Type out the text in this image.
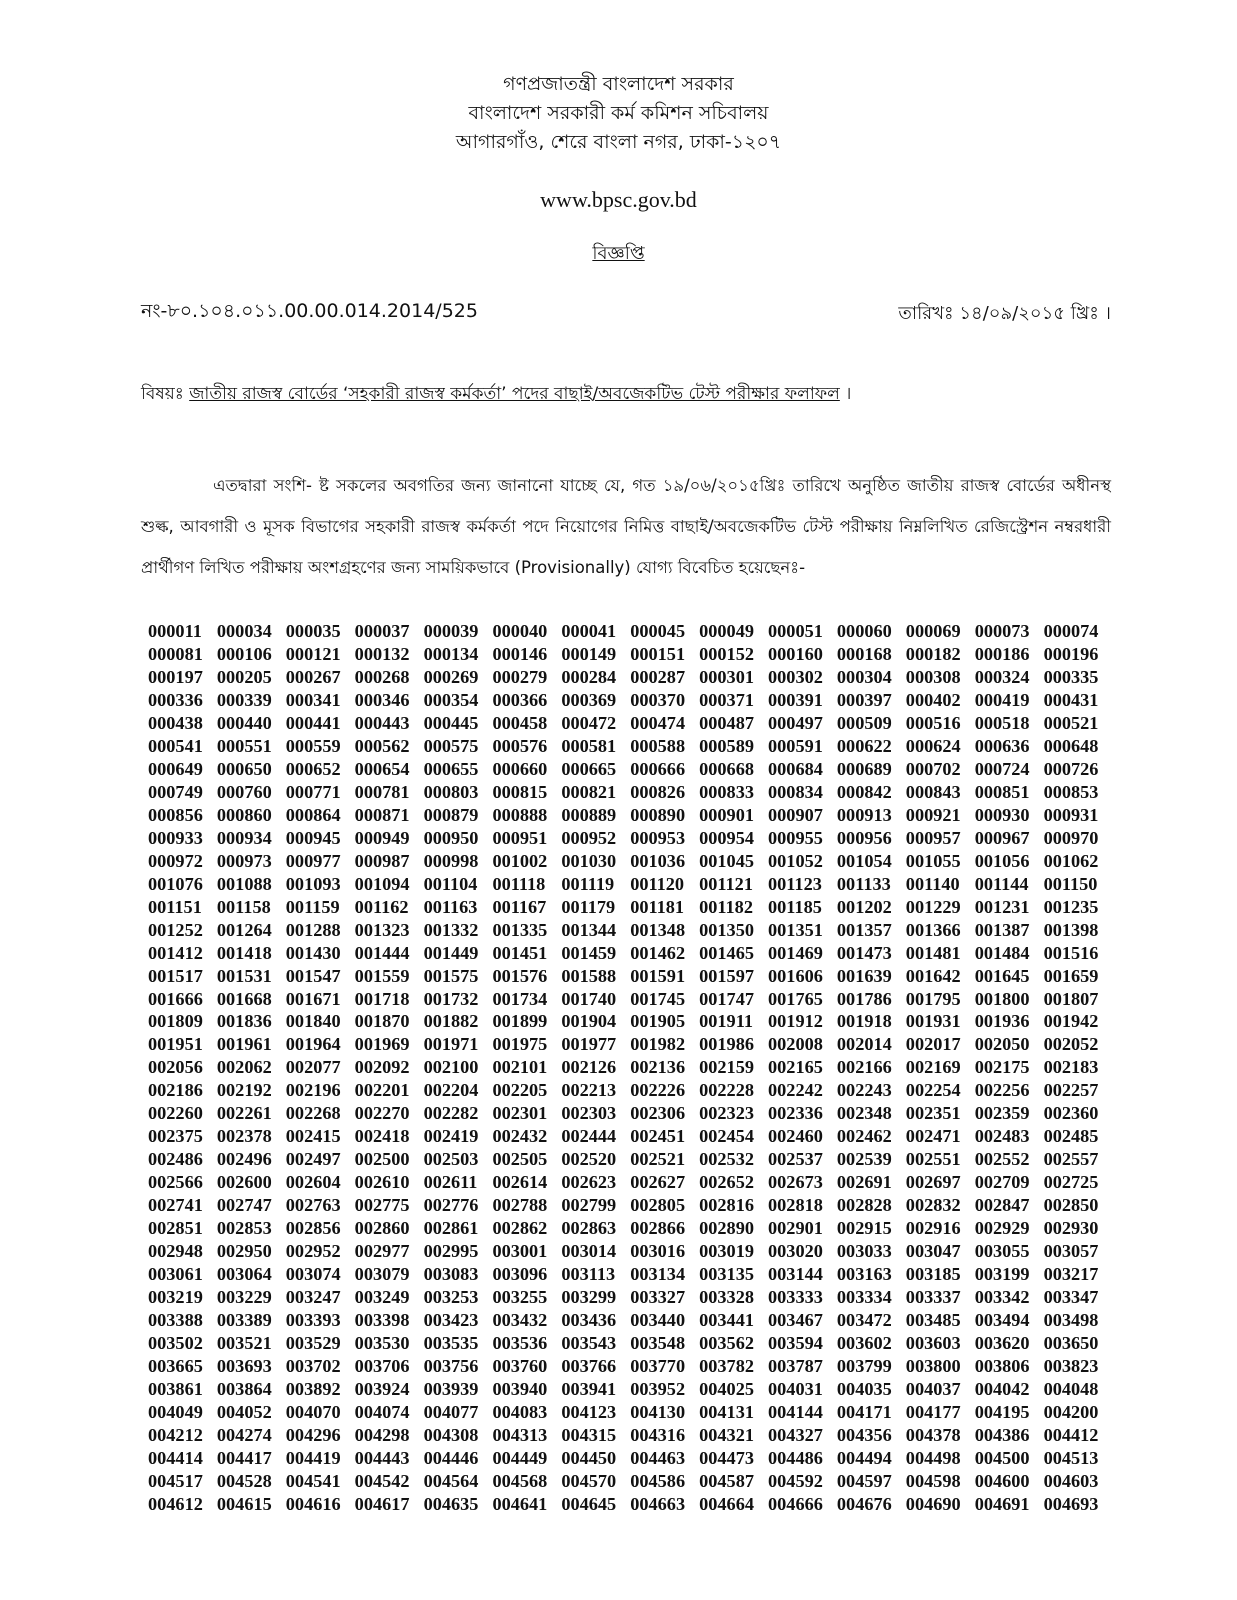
গণপ্রজাতন্ত্রী বাংলাদেশ সরকার
বাংলাদেশ সরকারী কর্ম কমিশন সচিবালয়
আগারগাঁও, শেরে বাংলা নগর, ঢাকা-১২০৭
www.bpsc.gov.bd
বিজ্ঞপ্তি
নং-৮০.১০৪.০১১.00.00.014.2014/525	তারিখঃ ১৪/০৯/২০১৫ খ্রিঃ ।
বিষয়ঃ জাতীয় রাজস্ব বোর্ডের ‘সহকারী রাজস্ব কর্মকর্তা’ পদের বাছাই/অবজেকটিভ টেস্ট পরীক্ষার ফলাফল ।
এতদ্বারা সংশি- ষ্ট সকলের অবগতির জন্য জানানো যাচ্ছে যে, গত ১৯/০৬/২০১৫খ্রিঃ তারিখে অনুষ্ঠিত জাতীয় রাজস্ব বোর্ডের অধীনস্থ শুল্ক, আবগারী ও মূসক বিভাগের সহকারী রাজস্ব কর্মকর্তা পদে নিয়োগের নিমিত্ত বাছাই/অবজেকটিভ টেস্ট পরীক্ষায় নিম্নলিখিত রেজিস্ট্রেশন নম্বরধারী প্রার্থীগণ লিখিত পরীক্ষায় অংশগ্রহণের জন্য সাময়িকভাবে (Provisionally) যোগ্য বিবেচিত হয়েছেনঃ-
000011 000034 000035 000037 000039 000040 000041 000045 000049 000051 000060 000069 000073 000074
000081 000106 000121 000132 000134 000146 000149 000151 000152 000160 000168 000182 000186 000196
000197 000205 000267 000268 000269 000279 000284 000287 000301 000302 000304 000308 000324 000335
000336 000339 000341 000346 000354 000366 000369 000370 000371 000391 000397 000402 000419 000431
000438 000440 000441 000443 000445 000458 000472 000474 000487 000497 000509 000516 000518 000521
000541 000551 000559 000562 000575 000576 000581 000588 000589 000591 000622 000624 000636 000648
000649 000650 000652 000654 000655 000660 000665 000666 000668 000684 000689 000702 000724 000726
000749 000760 000771 000781 000803 000815 000821 000826 000833 000834 000842 000843 000851 000853
000856 000860 000864 000871 000879 000888 000889 000890 000901 000907 000913 000921 000930 000931
000933 000934 000945 000949 000950 000951 000952 000953 000954 000955 000956 000957 000967 000970
000972 000973 000977 000987 000998 001002 001030 001036 001045 001052 001054 001055 001056 001062
001076 001088 001093 001094 001104 001118 001119 001120 001121 001123 001133 001140 001144 001150
001151 001158 001159 001162 001163 001167 001179 001181 001182 001185 001202 001229 001231 001235
001252 001264 001288 001323 001332 001335 001344 001348 001350 001351 001357 001366 001387 001398
001412 001418 001430 001444 001449 001451 001459 001462 001465 001469 001473 001481 001484 001516
001517 001531 001547 001559 001575 001576 001588 001591 001597 001606 001639 001642 001645 001659
001666 001668 001671 001718 001732 001734 001740 001745 001747 001765 001786 001795 001800 001807
001809 001836 001840 001870 001882 001899 001904 001905 001911 001912 001918 001931 001936 001942
001951 001961 001964 001969 001971 001975 001977 001982 001986 002008 002014 002017 002050 002052
002056 002062 002077 002092 002100 002101 002126 002136 002159 002165 002166 002169 002175 002183
002186 002192 002196 002201 002204 002205 002213 002226 002228 002242 002243 002254 002256 002257
002260 002261 002268 002270 002282 002301 002303 002306 002323 002336 002348 002351 002359 002360
002375 002378 002415 002418 002419 002432 002444 002451 002454 002460 002462 002471 002483 002485
002486 002496 002497 002500 002503 002505 002520 002521 002532 002537 002539 002551 002552 002557
002566 002600 002604 002610 002611 002614 002623 002627 002652 002673 002691 002697 002709 002725
002741 002747 002763 002775 002776 002788 002799 002805 002816 002818 002828 002832 002847 002850
002851 002853 002856 002860 002861 002862 002863 002866 002890 002901 002915 002916 002929 002930
002948 002950 002952 002977 002995 003001 003014 003016 003019 003020 003033 003047 003055 003057
003061 003064 003074 003079 003083 003096 003113 003134 003135 003144 003163 003185 003199 003217
003219 003229 003247 003249 003253 003255 003299 003327 003328 003333 003334 003337 003342 003347
003388 003389 003393 003398 003423 003432 003436 003440 003441 003467 003472 003485 003494 003498
003502 003521 003529 003530 003535 003536 003543 003548 003562 003594 003602 003603 003620 003650
003665 003693 003702 003706 003756 003760 003766 003770 003782 003787 003799 003800 003806 003823
003861 003864 003892 003924 003939 003940 003941 003952 004025 004031 004035 004037 004042 004048
004049 004052 004070 004074 004077 004083 004123 004130 004131 004144 004171 004177 004195 004200
004212 004274 004296 004298 004308 004313 004315 004316 004321 004327 004356 004378 004386 004412
004414 004417 004419 004443 004446 004449 004450 004463 004473 004486 004494 004498 004500 004513
004517 004528 004541 004542 004564 004568 004570 004586 004587 004592 004597 004598 004600 004603
004612 004615 004616 004617 004635 004641 004645 004663 004664 004666 004676 004690 004691 004693
